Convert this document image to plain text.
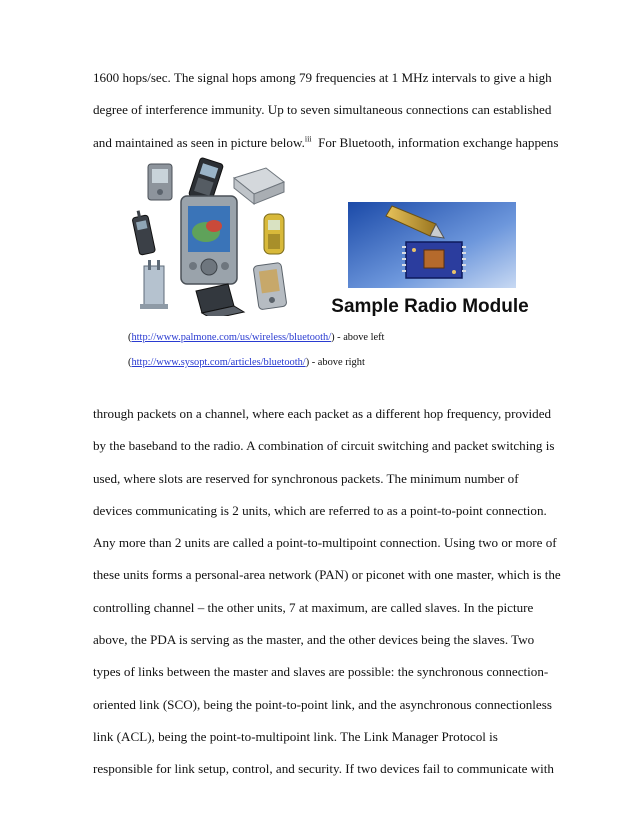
1600 hops/sec. The signal hops among 79 frequencies at 1 MHz intervals to give a high
degree of interference immunity. Up to seven simultaneous connections can established
and maintained as seen in picture below.$^{iii}$  For Bluetooth, information exchange happens
Sample Radio Module
(http://www.palmone.com/us/wireless/bluetooth/) - above left
(http://www.sysopt.com/articles/bluetooth/) - above right
through packets on a channel, where each packet as a different hop frequency, provided
by the baseband to the radio. A combination of circuit switching and packet switching is
used, where slots are reserved for synchronous packets. The minimum number of
devices communicating is 2 units, which are referred to as a point-to-point connection.
Any more than 2 units are called a point-to-multipoint connection. Using two or more of
these units forms a personal-area network (PAN) or piconet with one master, which is the
controlling channel – the other units, 7 at maximum, are called slaves. In the picture
above, the PDA is serving as the master, and the other devices being the slaves. Two
types of links between the master and slaves are possible: the synchronous connection-
oriented link (SCO), being the point-to-point link, and the asynchronous connectionless
link (ACL), being the point-to-multipoint link. The Link Manager Protocol is
responsible for link setup, control, and security. If two devices fail to communicate with
